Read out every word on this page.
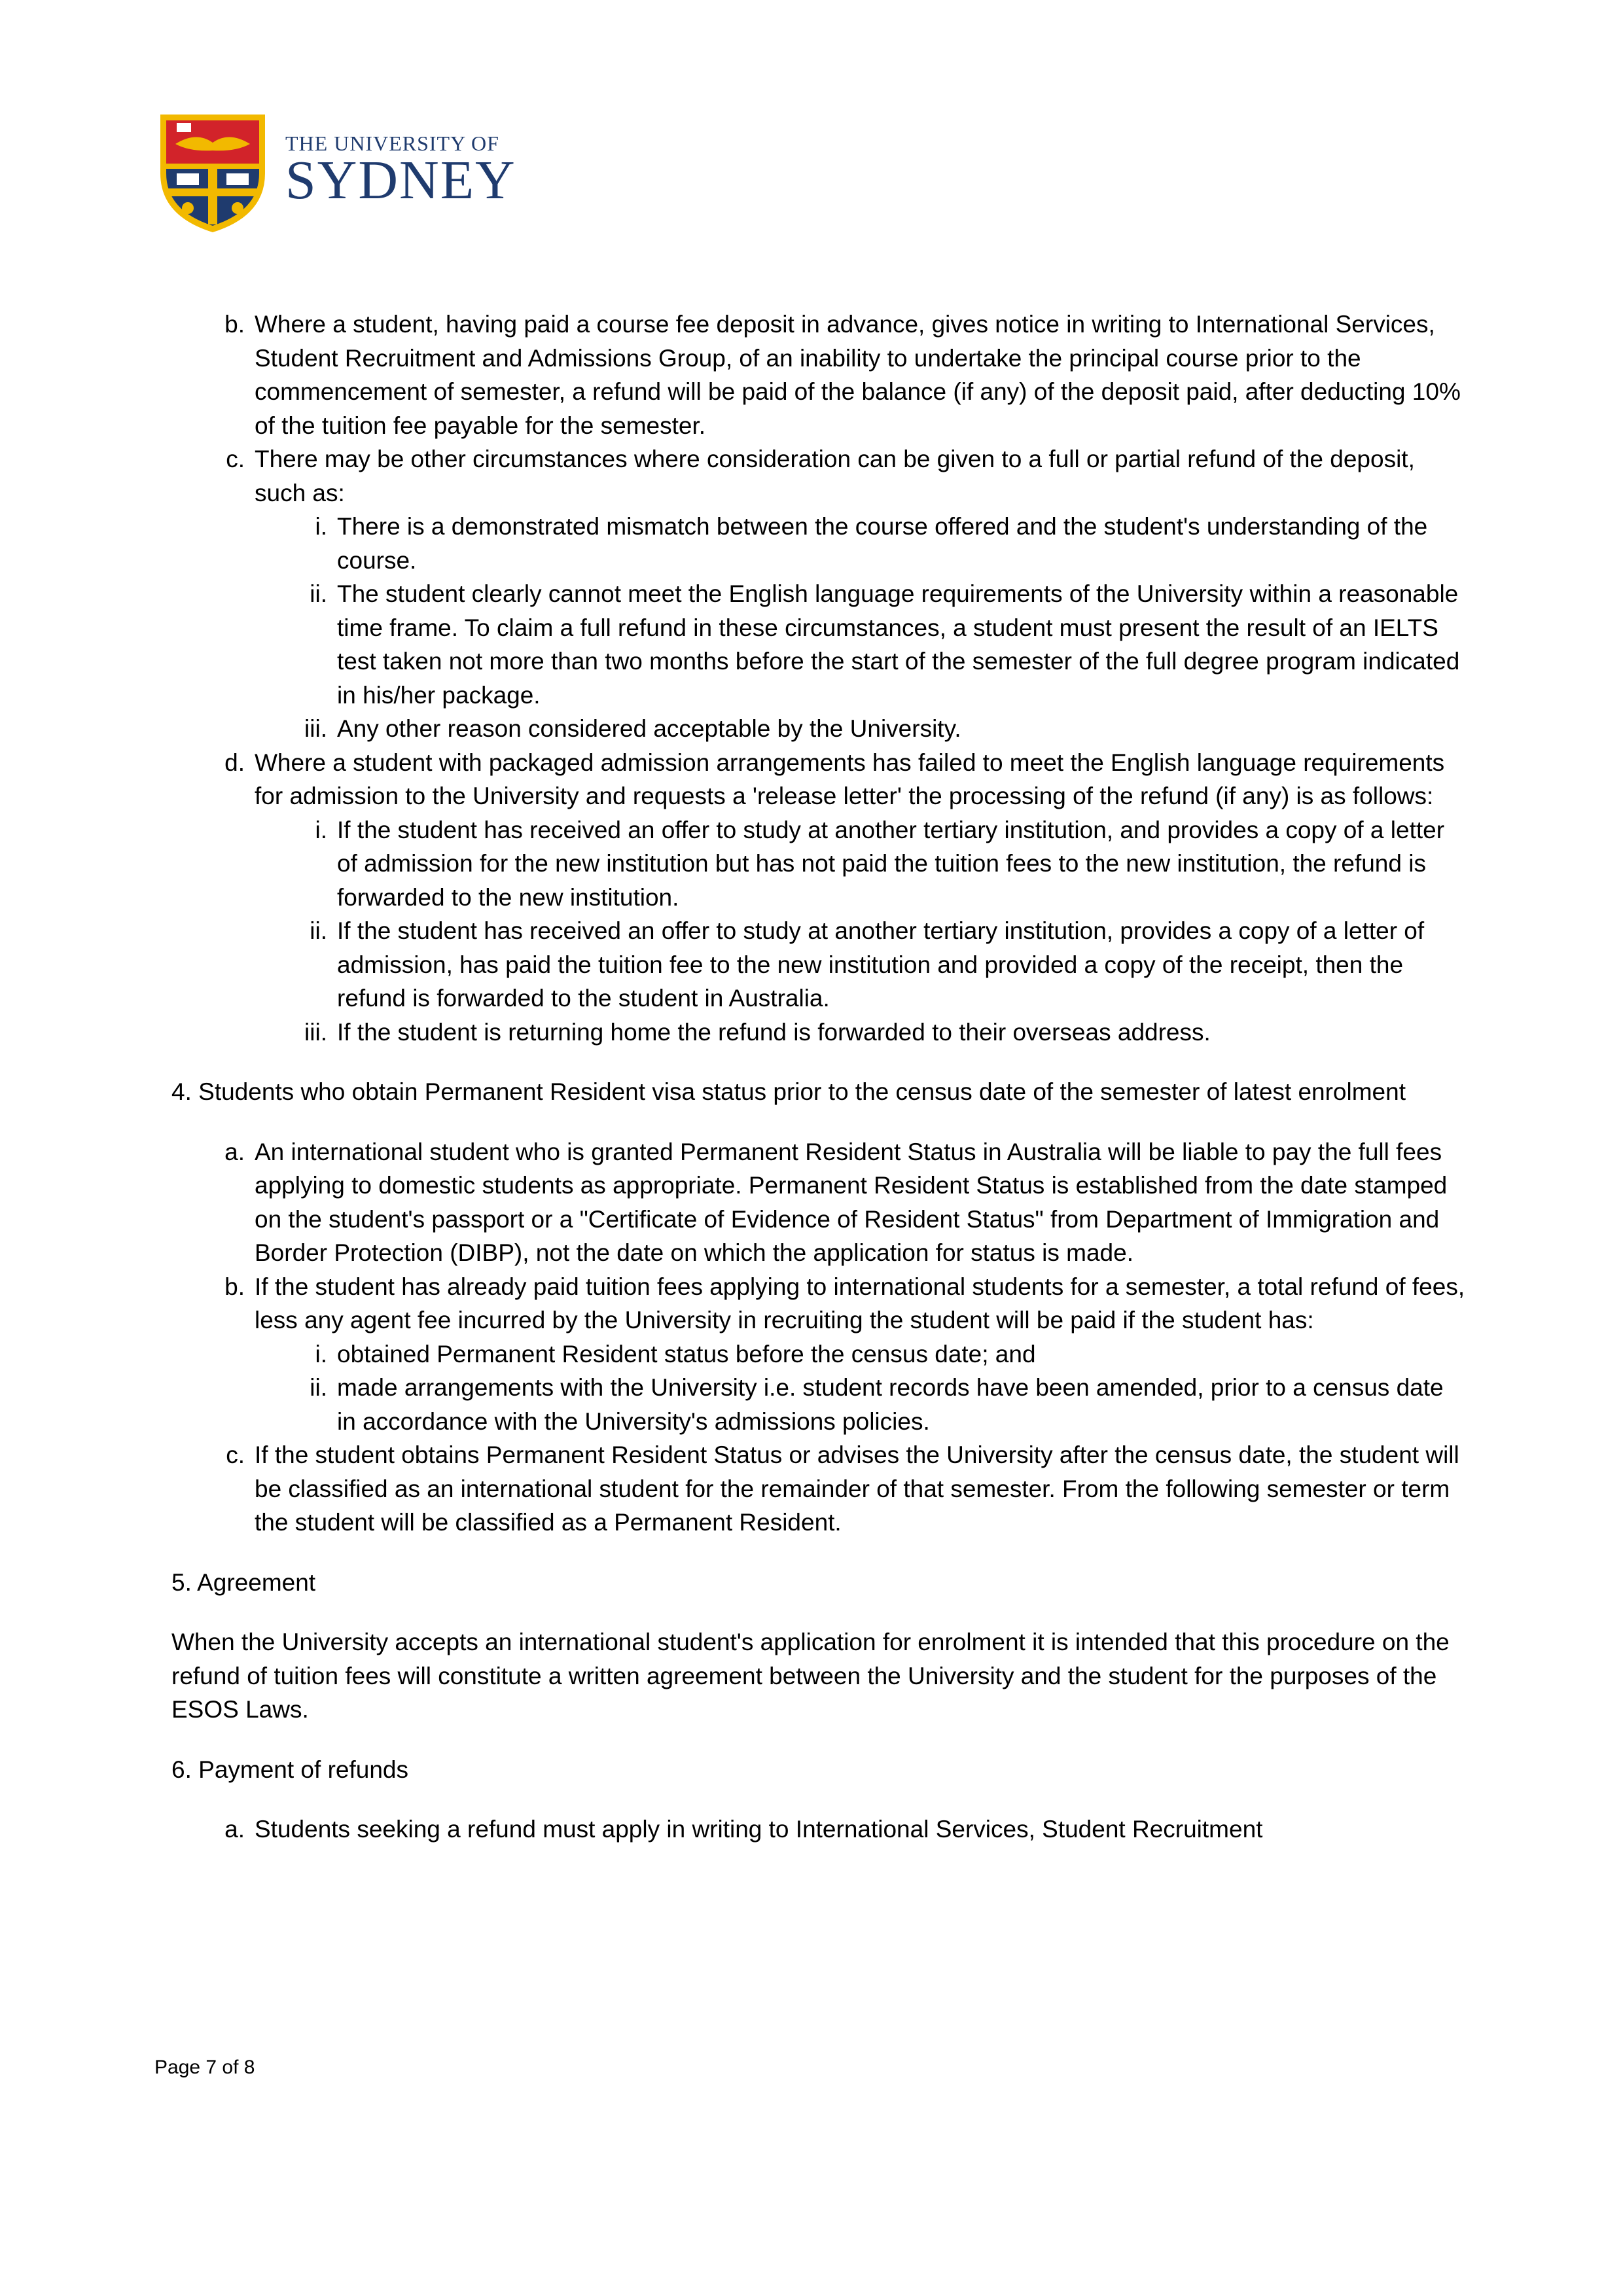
THE UNIVERSITY OF
SYDNEY
b. Where a student, having paid a course fee deposit in advance, gives notice in writing to International Services, Student Recruitment and Admissions Group, of an inability to undertake the principal course prior to the commencement of semester, a refund will be paid of the balance (if any) of the deposit paid, after deducting 10% of the tuition fee payable for the semester.

c. There may be other circumstances where consideration can be given to a full or partial refund of the deposit, such as:

i. There is a demonstrated mismatch between the course offered and the student's understanding of the course.

ii. The student clearly cannot meet the English language requirements of the University within a reasonable time frame. To claim a full refund in these circumstances, a student must present the result of an IELTS test taken not more than two months before the start of the semester of the full degree program indicated in his/her package.

iii. Any other reason considered acceptable by the University.

d. Where a student with packaged admission arrangements has failed to meet the English language requirements for admission to the University and requests a 'release letter' the processing of the refund (if any) is as follows:

i. If the student has received an offer to study at another tertiary institution, and provides a copy of a letter of admission for the new institution but has not paid the tuition fees to the new institution, the refund is forwarded to the new institution.

ii. If the student has received an offer to study at another tertiary institution, provides a copy of a letter of admission, has paid the tuition fee to the new institution and provided a copy of the receipt, then the refund is forwarded to the student in Australia.

iii. If the student is returning home the refund is forwarded to their overseas address.

4. Students who obtain Permanent Resident visa status prior to the census date of the semester of latest enrolment

a. An international student who is granted Permanent Resident Status in Australia will be liable to pay the full fees applying to domestic students as appropriate. Permanent Resident Status is established from the date stamped on the student's passport or a "Certificate of Evidence of Resident Status" from Department of Immigration and Border Protection (DIBP), not the date on which the application for status is made.

b. If the student has already paid tuition fees applying to international students for a semester, a total refund of fees, less any agent fee incurred by the University in recruiting the student will be paid if the student has:

i. obtained Permanent Resident status before the census date; and

ii. made arrangements with the University i.e. student records have been amended, prior to a census date in accordance with the University's admissions policies.

c. If the student obtains Permanent Resident Status or advises the University after the census date, the student will be classified as an international student for the remainder of that semester. From the following semester or term the student will be classified as a Permanent Resident.

5. Agreement

When the University accepts an international student's application for enrolment it is intended that this procedure on the refund of tuition fees will constitute a written agreement between the University and the student for the purposes of the ESOS Laws.

6. Payment of refunds

a. Students seeking a refund must apply in writing to International Services, Student Recruitment

Page 7 of 8
